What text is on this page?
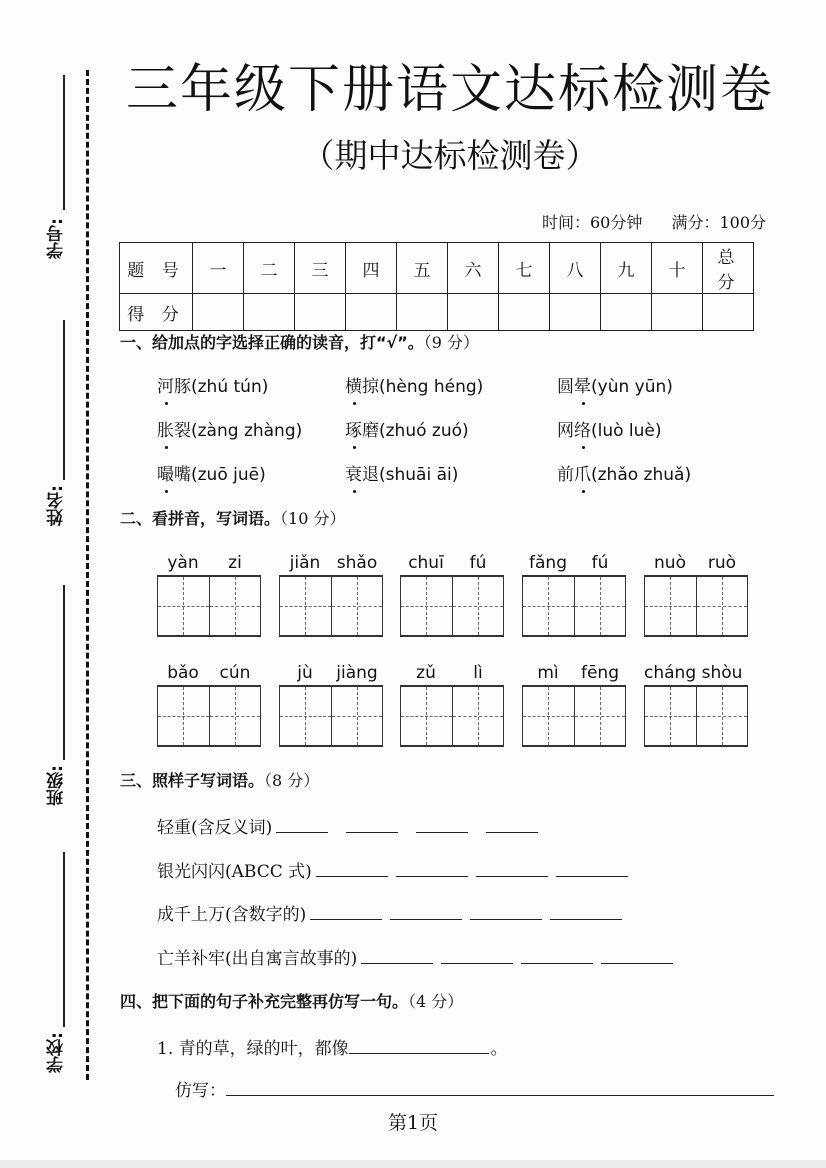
学号:
姓名:
班级:
学校:
三年级下册语文达标检测卷
（期中达标检测卷）
时间：60分钟 满分：100分
题 号	一	二	三	四	五	六	七	八	九	十	总 分
得 分											
一、给加点的字选择正确的读音，打“√”。（9 分）
河豚(zhú tún)	横掠(hèng héng)	圆晕(yùn yūn)
胀裂(zàng zhàng)	琢磨(zhuó zuó)	网络(luò luè)
嘬嘴(zuō juē)	衰退(shuāi āi)	前爪(zhǎo zhuǎ)
二、看拼音，写词语。（10 分）
yàn	zi	jiǎn shǎo	chuī	fú	fǎng	fú	nuò	ruò
bǎo	cún	jù	jiàng	zǔ	lì	mì	fēng	cháng shòu
三、照样子写词语。（8 分）
轻重(含反义词)
银光闪闪(ABCC 式)
成千上万(含数字的)
亡羊补牢(出自寓言故事的)
四、把下面的句子补充完整再仿写一句。（4 分）
1. 青的草，绿的叶，都像	。
仿写：
第1页
